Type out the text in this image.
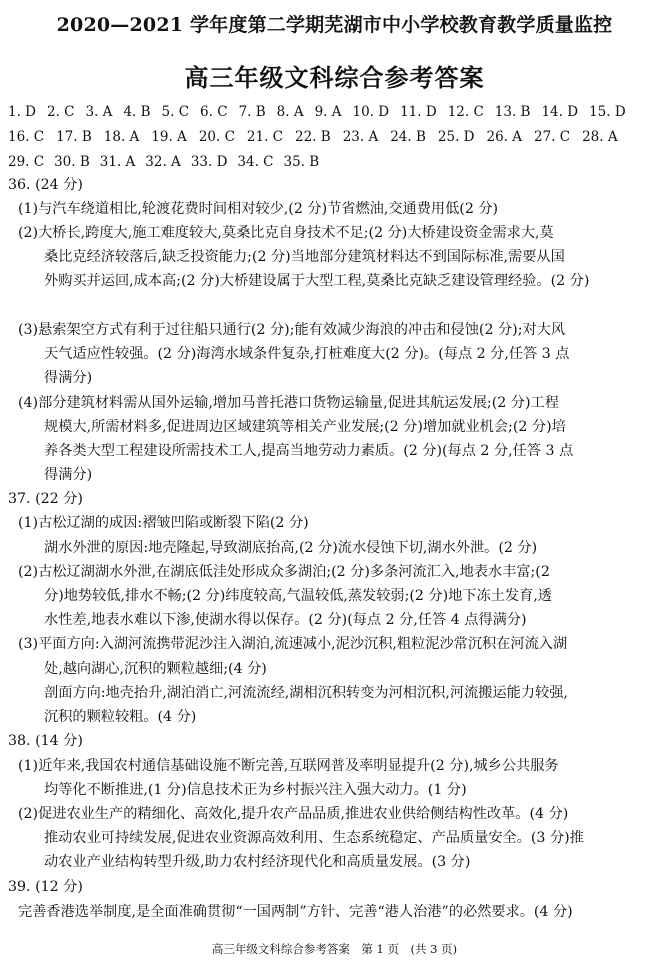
2020—2021 学年度第二学期芜湖市中小学校教育教学质量监控
高三年级文科综合参考答案
1. D 2. C 3. A 4. B 5. C 6. C 7. B 8. A 9. A 10. D 11. D 12. C 13. B 14. D 15. D
16. C 17. B 18. A 19. A 20. C 21. C 22. B 23. A 24. B 25. D 26. A 27. C 28. A
29. C 30. B 31. A 32. A 33. D 34. C 35. B
36. (24 分)
(1)与汽车绕道相比,轮渡花费时间相对较少,(2 分)节省燃油,交通费用低(2 分)
(2)大桥长,跨度大,施工难度较大,莫桑比克自身技术不足;(2 分)大桥建设资金需求大,莫
桑比克经济较落后,缺乏投资能力;(2 分)当地部分建筑材料达不到国际标准,需要从国
外购买并运回,成本高;(2 分)大桥建设属于大型工程,莫桑比克缺乏建设管理经验。(2 分)
(3)悬索架空方式有利于过往船只通行(2 分);能有效减少海浪的冲击和侵蚀(2 分);对大风
天气适应性较强。(2 分)海湾水域条件复杂,打桩难度大(2 分)。(每点 2 分,任答 3 点
得满分)
(4)部分建筑材料需从国外运输,增加马普托港口货物运输量,促进其航运发展;(2 分)工程
规模大,所需材料多,促进周边区域建筑等相关产业发展;(2 分)增加就业机会;(2 分)培
养各类大型工程建设所需技术工人,提高当地劳动力素质。(2 分)(每点 2 分,任答 3 点
得满分)
37. (22 分)
(1)古松辽湖的成因:褶皱凹陷或断裂下陷(2 分)
湖水外泄的原因:地壳隆起,导致湖底抬高,(2 分)流水侵蚀下切,湖水外泄。(2 分)
(2)古松辽湖湖水外泄,在湖底低洼处形成众多湖泊;(2 分)多条河流汇入,地表水丰富;(2
分)地势较低,排水不畅;(2 分)纬度较高,气温较低,蒸发较弱;(2 分)地下冻土发育,透
水性差,地表水难以下渗,使湖水得以保存。(2 分)(每点 2 分,任答 4 点得满分)
(3)平面方向:入湖河流携带泥沙注入湖泊,流速减小,泥沙沉积,粗粒泥沙常沉积在河流入湖
处,越向湖心,沉积的颗粒越细;(4 分)
剖面方向:地壳抬升,湖泊消亡,河流流经,湖相沉积转变为河相沉积,河流搬运能力较强,
沉积的颗粒较粗。(4 分)
38. (14 分)
(1)近年来,我国农村通信基础设施不断完善,互联网普及率明显提升(2 分),城乡公共服务
均等化不断推进,(1 分)信息技术正为乡村振兴注入强大动力。(1 分)
(2)促进农业生产的精细化、高效化,提升农产品品质,推进农业供给侧结构性改革。(4 分)
推动农业可持续发展,促进农业资源高效利用、生态系统稳定、产品质量安全。(3 分)推
动农业产业结构转型升级,助力农村经济现代化和高质量发展。(3 分)
39. (12 分)
完善香港选举制度,是全面准确贯彻“一国两制”方针、完善“港人治港”的必然要求。(4 分)
高三年级文科综合参考答案　第 1 页　(共 3 页)
